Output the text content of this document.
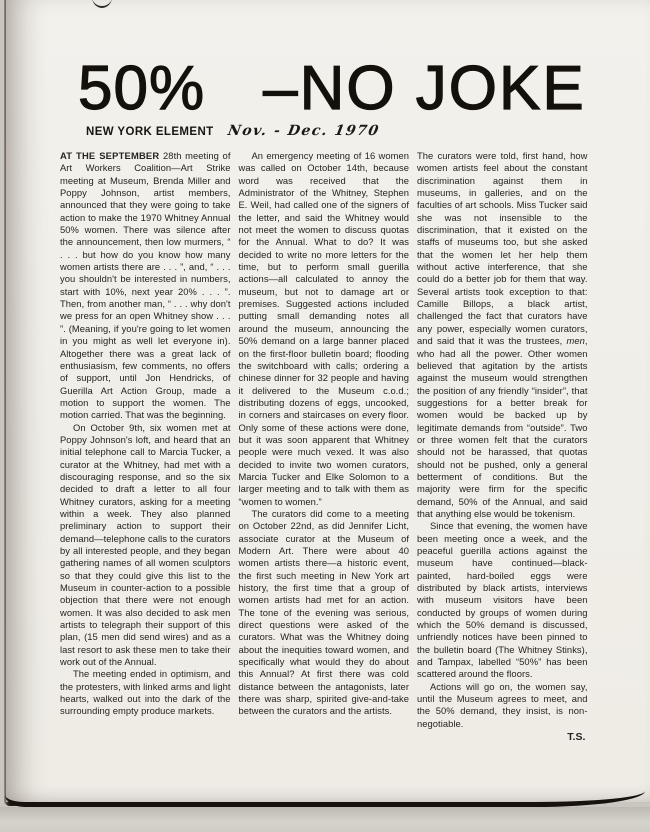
50% –NO JOKE
NEW YORK ELEMENT Nov. - Dec. 1970

AT THE SEPTEMBER 28th meeting of Art Workers Coalition—Art Strike meeting at Museum, Brenda Miller and Poppy Johnson, artist members, announced that they were going to take action to make the 1970 Whitney Annual 50% women. There was silence after the announcement, then low murmers, “ . . . but how do you know how many women artists there are . . . ”, and, “ . . . you shouldn't be interested in numbers, start with 10%, next year 20% . . . ”. Then, from another man, “ . . . why don't we press for an open Whitney show . . . ”. (Meaning, if you're going to let women in you might as well let everyone in). Altogether there was a great lack of enthusiasism, few comments, no offers of support, until Jon Hendricks, of Guerilla Art Action Group, made a motion to support the women. The motion carried. That was the beginning.

On October 9th, six women met at Poppy Johnson's loft, and heard that an initial telephone call to Marcia Tucker, a curator at the Whitney, had met with a discouraging response, and so the six decided to draft a letter to all four Whitney curators, asking for a meeting within a week. They also planned preliminary action to support their demand—telephone calls to the curators by all interested people, and they began gathering names of all women sculptors so that they could give this list to the Museum in counter-action to a possible objection that there were not enough women. It was also decided to ask men artists to telegraph their support of this plan, (15 men did send wires) and as a last resort to ask these men to take their work out of the Annual.

The meeting ended in optimism, and the protesters, with linked arms and light hearts, walked out into the dark of the surrounding empty produce markets.

An emergency meeting of 16 women was called on October 14th, because word was received that the Administrator of the Whitney, Stephen E. Weil, had called one of the signers of the letter, and said the Whitney would not meet the women to discuss quotas for the Annual. What to do? It was decided to write no more letters for the time, but to perform small guerilla actions—all calculated to annoy the museum, but not to damage art or premises. Suggested actions included putting small demanding notes all around the museum, announcing the 50% demand on a large banner placed on the first-floor bulletin board; flooding the switchboard with calls; ordering a chinese dinner for 32 people and having it delivered to the Museum c.o.d.; distributing dozens of eggs, uncooked, in corners and staircases on every floor. Only some of these actions were done, but it was soon apparent that Whitney people were much vexed. It was also decided to invite two women curators, Marcia Tucker and Elke Solomon to a larger meeting and to talk with them as “women to women.”

The curators did come to a meeting on October 22nd, as did Jennifer Licht, associate curator at the Museum of Modern Art. There were about 40 women artists there—a historic event, the first such meeting in New York art history, the first time that a group of women artists had met for an action. The tone of the evening was serious, direct questions were asked of the curators. What was the Whitney doing about the inequities toward women, and specifically what would they do about this Annual? At first there was cold distance between the antagonists, later there was sharp, spirited give-and-take between the curators and the artists.

The curators were told, first hand, how women artists feel about the constant discrimination against them in museums, in galleries, and on the faculties of art schools. Miss Tucker said she was not insensible to the discrimination, that it existed on the staffs of museums too, but she asked that the women let her help them without active interference, that she could do a better job for them that way. Several artists took exception to that: Camille Billops, a black artist, challenged the fact that curators have any power, especially women curators, and said that it was the trustees, men, who had all the power. Other women believed that agitation by the artists against the museum would strengthen the position of any friendly “insider”, that suggestions for a better break for women would be backed up by legitimate demands from “outside”. Two or three women felt that the curators should not be harassed, that quotas should not be pushed, only a general betterment of conditions. But the majority were firm for the specific demand, 50% of the Annual, and said that anything else would be tokenism.

Since that evening, the women have been meeting once a week, and the peaceful guerilla actions against the museum have continued—black-painted, hard-boiled eggs were distributed by black artists, interviews with museum visitors have been conducted by groups of women during which the 50% demand is discussed, unfriendly notices have been pinned to the bulletin board (The Whitney Stinks), and Tampax, labelled “50%” has been scattered around the floors.

Actions will go on, the women say, until the Museum agrees to meet, and the 50% demand, they insist, is non-negotiable.

T.S.
